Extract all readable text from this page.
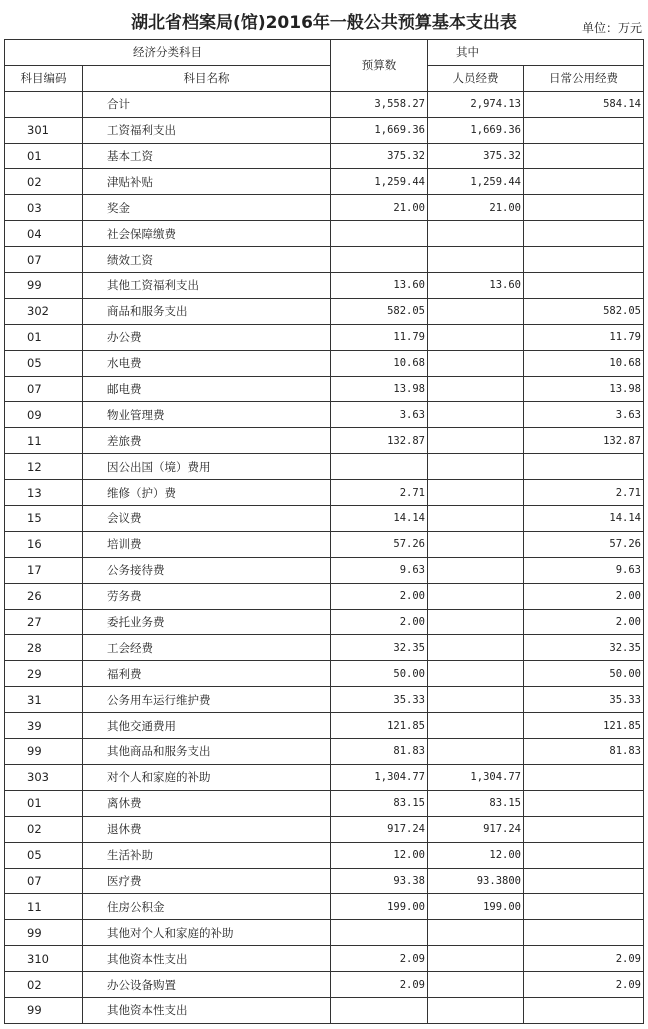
湖北省档案局(馆)2016年一般公共预算基本支出表	单位：万元
经济分类科目		预算数	其中	
科目编码	科目名称		人员经费	日常公用经费
	合计	3,558.27	2,974.13	584.14
301	工资福利支出	1,669.36	1,669.36	
01	基本工资	375.32	375.32	
02	津贴补贴	1,259.44	1,259.44	
03	奖金	21.00	21.00	
04	社会保障缴费			
07	绩效工资			
99	其他工资福利支出	13.60	13.60	
302	商品和服务支出	582.05		582.05
01	办公费	11.79		11.79
05	水电费	10.68		10.68
07	邮电费	13.98		13.98
09	物业管理费	3.63		3.63
11	差旅费	132.87		132.87
12	因公出国（境）费用			
13	维修（护）费	2.71		2.71
15	会议费	14.14		14.14
16	培训费	57.26		57.26
17	公务接待费	9.63		9.63
26	劳务费	2.00		2.00
27	委托业务费	2.00		2.00
28	工会经费	32.35		32.35
29	福利费	50.00		50.00
31	公务用车运行维护费	35.33		35.33
39	其他交通费用	121.85		121.85
99	其他商品和服务支出	81.83		81.83
303	对个人和家庭的补助	1,304.77	1,304.77	
01	离休费	83.15	83.15	
02	退休费	917.24	917.24	
05	生活补助	12.00	12.00	
07	医疗费	93.38	93.3800	
11	住房公积金	199.00	199.00	
99	其他对个人和家庭的补助			
310	其他资本性支出	2.09		2.09
02	办公设备购置	2.09		2.09
99	其他资本性支出			
